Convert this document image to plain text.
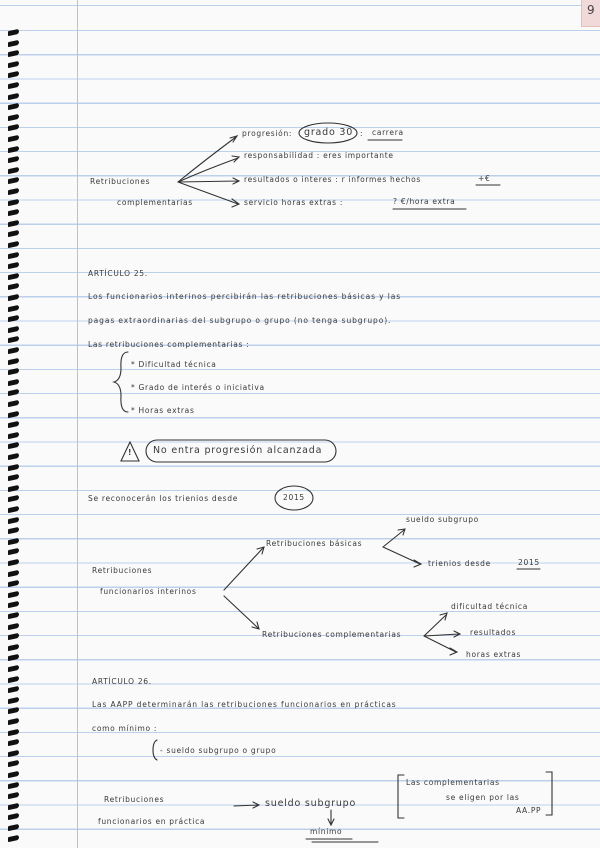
9
Retribuciones
complementarias
progresión: grado 30 : carrera
responsabilidad : eres importante
resultados o interes : r informes hechos	+€
servicio horas extras :	? €/hora extra
ARTÍCULO 25.
Los funcionarios interinos percibirán las retribuciones básicas y las
pagas extraordinarias del subgrupo o grupo (no tenga subgrupo).
Las retribuciones complementarias :
* Dificultad técnica
* Grado de interés o iniciativa
* Horas extras
! No entra progresión alcanzada
Se reconocerán los trienios desde	2015
Retribuciones
funcionarios interinos
Retribuciones básicas
sueldo subgrupo
trienios desde	2015
Retribuciones complementarias
dificultad técnica
resultados
horas extras
ARTÍCULO 26.
Las AAPP determinarán las retribuciones funcionarios en prácticas
como mínimo :
- sueldo subgrupo o grupo
Retribuciones
funcionarios en práctica
sueldo subgrupo
mínimo
Las complementarias
se eligen por las
AA.PP
